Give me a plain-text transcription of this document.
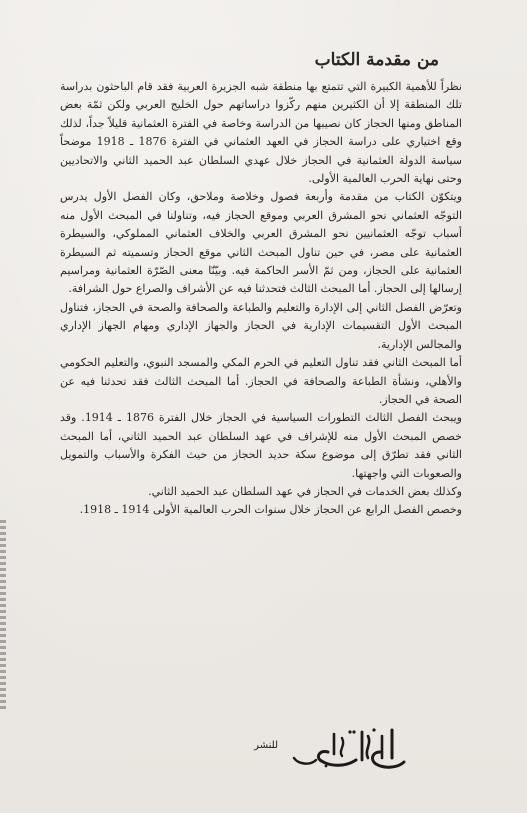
من مقدمة الكتاب

نظراً للأهمية الكبيرة التي تتمتع بها منطقة شبه الجزيرة العربية فقد قام الباحثون بدراسة تلك المنطقة إلا أن الكثيرين منهم ركّزوا دراساتهم حول الخليج العربي ولكن ثمّة بعض المناطق ومنها الحجاز كان نصيبها من الدراسة وخاصة في الفترة العثمانية قليلاً جداً، لذلك وقع اختياري على دراسة الحجاز في العهد العثماني في الفترة 1876 ـ 1918 موضحاً سياسة الدولة العثمانية في الحجاز خلال عهدي السلطان عبد الحميد الثاني والاتحاديين وحتى نهاية الحرب العالمية الأولى.

ويتكوّن الكتاب من مقدمة وأربعة فصول وخلاصة وملاحق، وكان الفصل الأول يدرس التوجّه العثماني نحو المشرق العربي وموقع الحجاز فيه، وتناولنا في المبحث الأول منه أسباب توجّه العثمانيين نحو المشرق العربي والخلاف العثماني المملوكي، والسيطرة العثمانية على مصر، في حين تناول المبحث الثاني موقع الحجاز وتسميته ثم السيطرة العثمانية على الحجاز، ومن ثمّ الأسر الحاكمة فيه. وبيّنّا معنى الصّرّة العثمانية ومراسيم إرسالها إلى الحجاز. أما المبحث الثالث فتحدثنا فيه عن الأشراف والصراع حول الشرافة.

وتعرّض الفصل الثاني إلى الإدارة والتعليم والطباعة والصحافة والصحة في الحجاز، فتناول المبحث الأول التقسيمات الإدارية في الحجاز والجهاز الإداري ومهام الجهاز الإداري والمجالس الإدارية.

أما المبحث الثاني فقد تناول التعليم في الحرم المكي والمسجد النبوي، والتعليم الحكومي والأهلي، ونشأة الطباعة والصحافة في الحجاز. أما المبحث الثالث فقد تحدثنا فيه عن الصحة في الحجاز.

ويبحث الفصل الثالث التطورات السياسية في الحجاز خلال الفترة 1876 ـ 1914. وقد خصص المبحث الأول منه للإشراف في عهد السلطان عبد الحميد الثاني، أما المبحث الثاني فقد تطرّق إلى موضوع سكة حديد الحجاز من حيث الفكرة والأسباب والتمويل والصعوبات التي واجهتها.

وكذلك بعض الخدمات في الحجاز في عهد السلطان عبد الحميد الثاني.

وخصص الفصل الرابع عن الحجاز خلال سنوات الحرب العالمية الأولى 1914 ـ 1918.

للنشر
